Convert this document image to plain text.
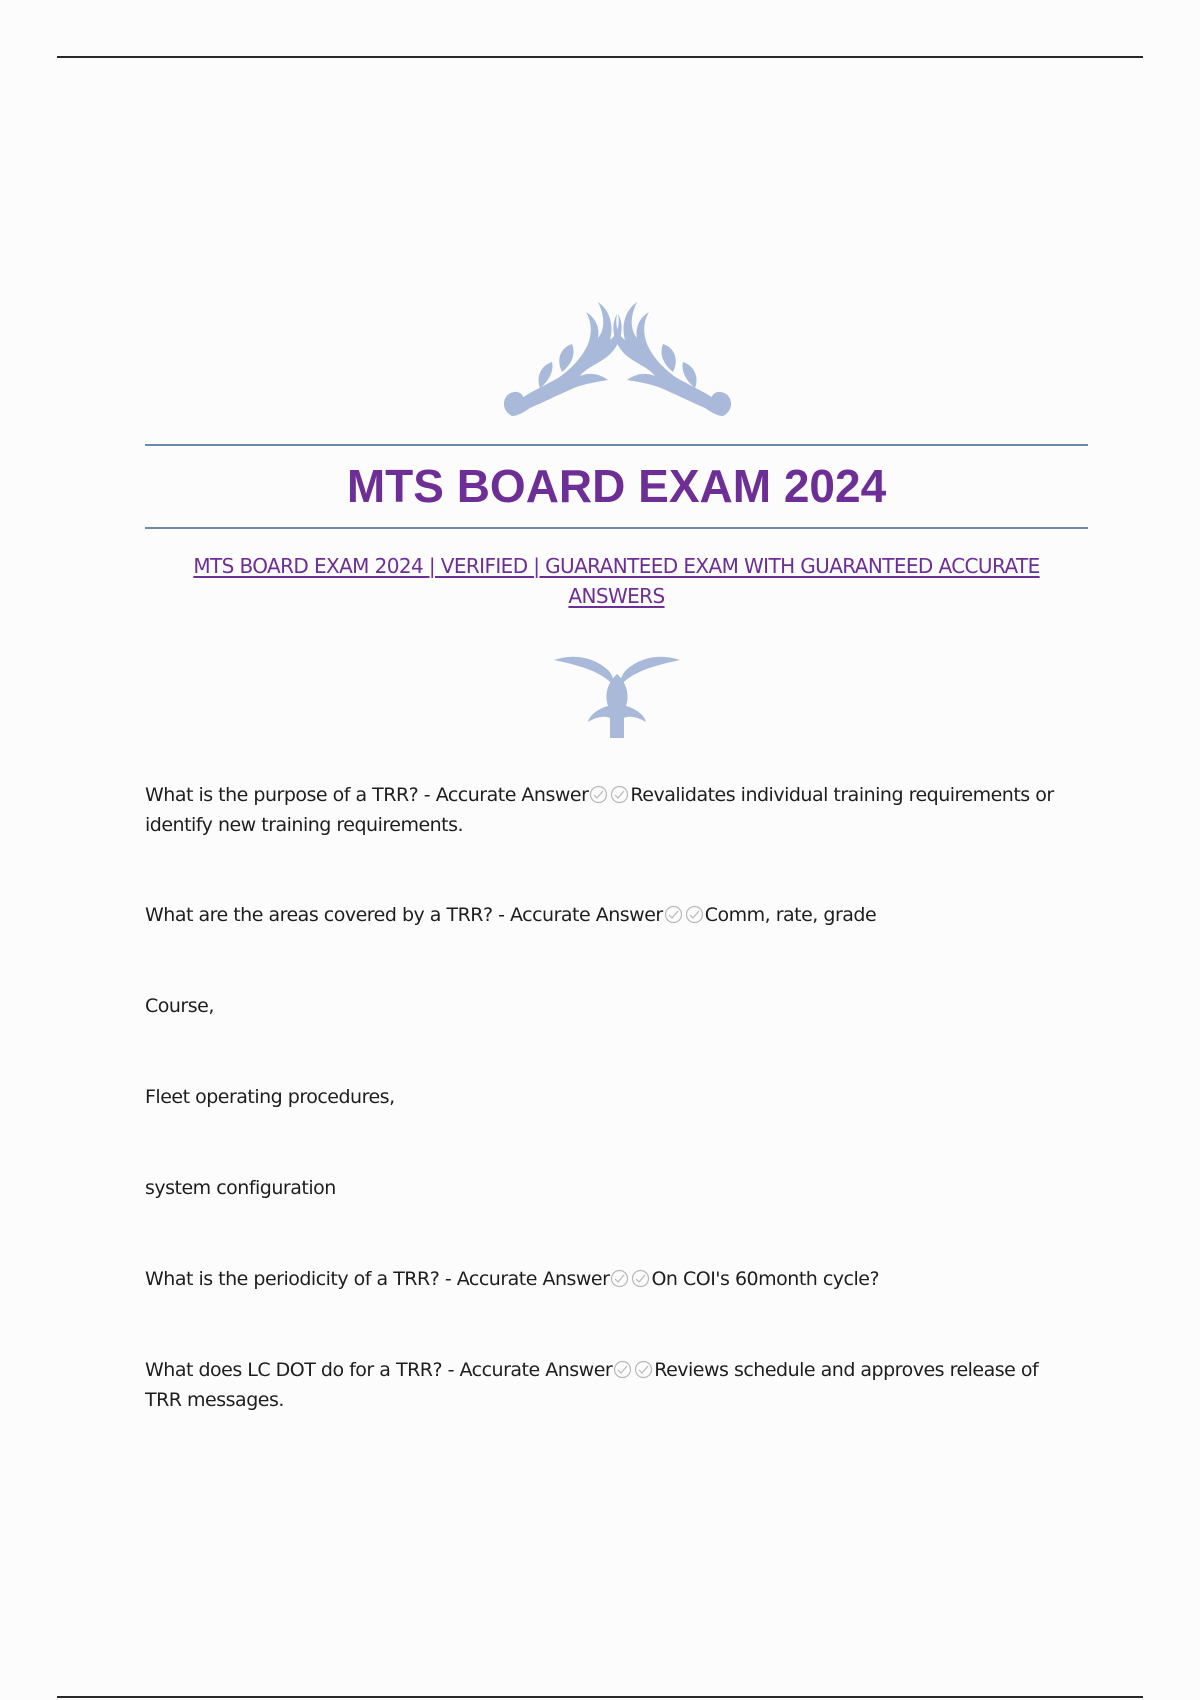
MTS BOARD EXAM 2024

MTS BOARD EXAM 2024 | VERIFIED | GUARANTEED EXAM WITH GUARANTEED ACCURATE ANSWERS

What is the purpose of a TRR? - Accurate Answer Revalidates individual training requirements or identify new training requirements.

What are the areas covered by a TRR? - Accurate Answer Comm, rate, grade

Course,

Fleet operating procedures,

system configuration

What is the periodicity of a TRR? - Accurate Answer On COI's 60month cycle?

What does LC DOT do for a TRR? - Accurate Answer Reviews schedule and approves release of TRR messages.
